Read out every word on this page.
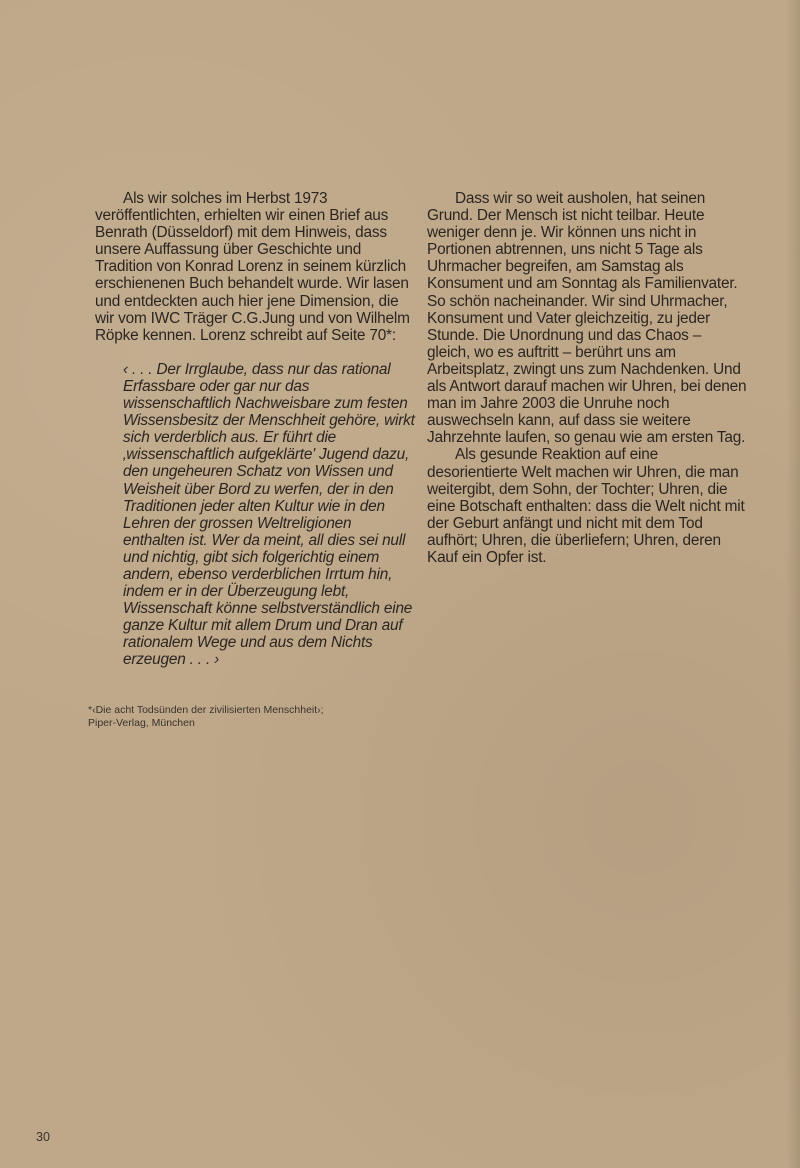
Als wir solches im Herbst 1973 veröffentlichten, erhielten wir einen Brief aus Benrath (Düsseldorf) mit dem Hinweis, dass unsere Auffassung über Geschichte und Tradition von Konrad Lorenz in seinem kürzlich erschienenen Buch behandelt wurde. Wir lasen und entdeckten auch hier jene Dimension, die wir vom IWC Träger C.G.Jung und von Wilhelm Röpke kennen. Lorenz schreibt auf Seite 70*:

‹ . . . Der Irrglaube, dass nur das rational Erfassbare oder gar nur das wissenschaftlich Nachweisbare zum festen Wissensbesitz der Menschheit gehöre, wirkt sich verderblich aus. Er führt die ‚wissenschaftlich aufgeklärte' Jugend dazu, den ungeheuren Schatz von Wissen und Weisheit über Bord zu werfen, der in den Traditionen jeder alten Kultur wie in den Lehren der grossen Weltreligionen enthalten ist. Wer da meint, all dies sei null und nichtig, gibt sich folgerichtig einem andern, ebenso verderblichen Irrtum hin, indem er in der Überzeugung lebt, Wissenschaft könne selbstverständlich eine ganze Kultur mit allem Drum und Dran auf rationalem Wege und aus dem Nichts erzeugen . . . ›

Dass wir so weit ausholen, hat seinen Grund. Der Mensch ist nicht teilbar. Heute weniger denn je. Wir können uns nicht in Portionen abtrennen, uns nicht 5 Tage als Uhrmacher begreifen, am Samstag als Konsument und am Sonntag als Familienvater. So schön nacheinander. Wir sind Uhrmacher, Konsument und Vater gleichzeitig, zu jeder Stunde. Die Unordnung und das Chaos – gleich, wo es auftritt – berührt uns am Arbeitsplatz, zwingt uns zum Nachdenken. Und als Antwort darauf machen wir Uhren, bei denen man im Jahre 2003 die Unruhe noch auswechseln kann, auf dass sie weitere Jahrzehnte laufen, so genau wie am ersten Tag.

Als gesunde Reaktion auf eine desorientierte Welt machen wir Uhren, die man weitergibt, dem Sohn, der Tochter; Uhren, die eine Botschaft enthalten: dass die Welt nicht mit der Geburt anfängt und nicht mit dem Tod aufhört; Uhren, die überliefern; Uhren, deren Kauf ein Opfer ist.

*‹Die acht Todsünden der zivilisierten Menschheit›;
Piper-Verlag, München
30
